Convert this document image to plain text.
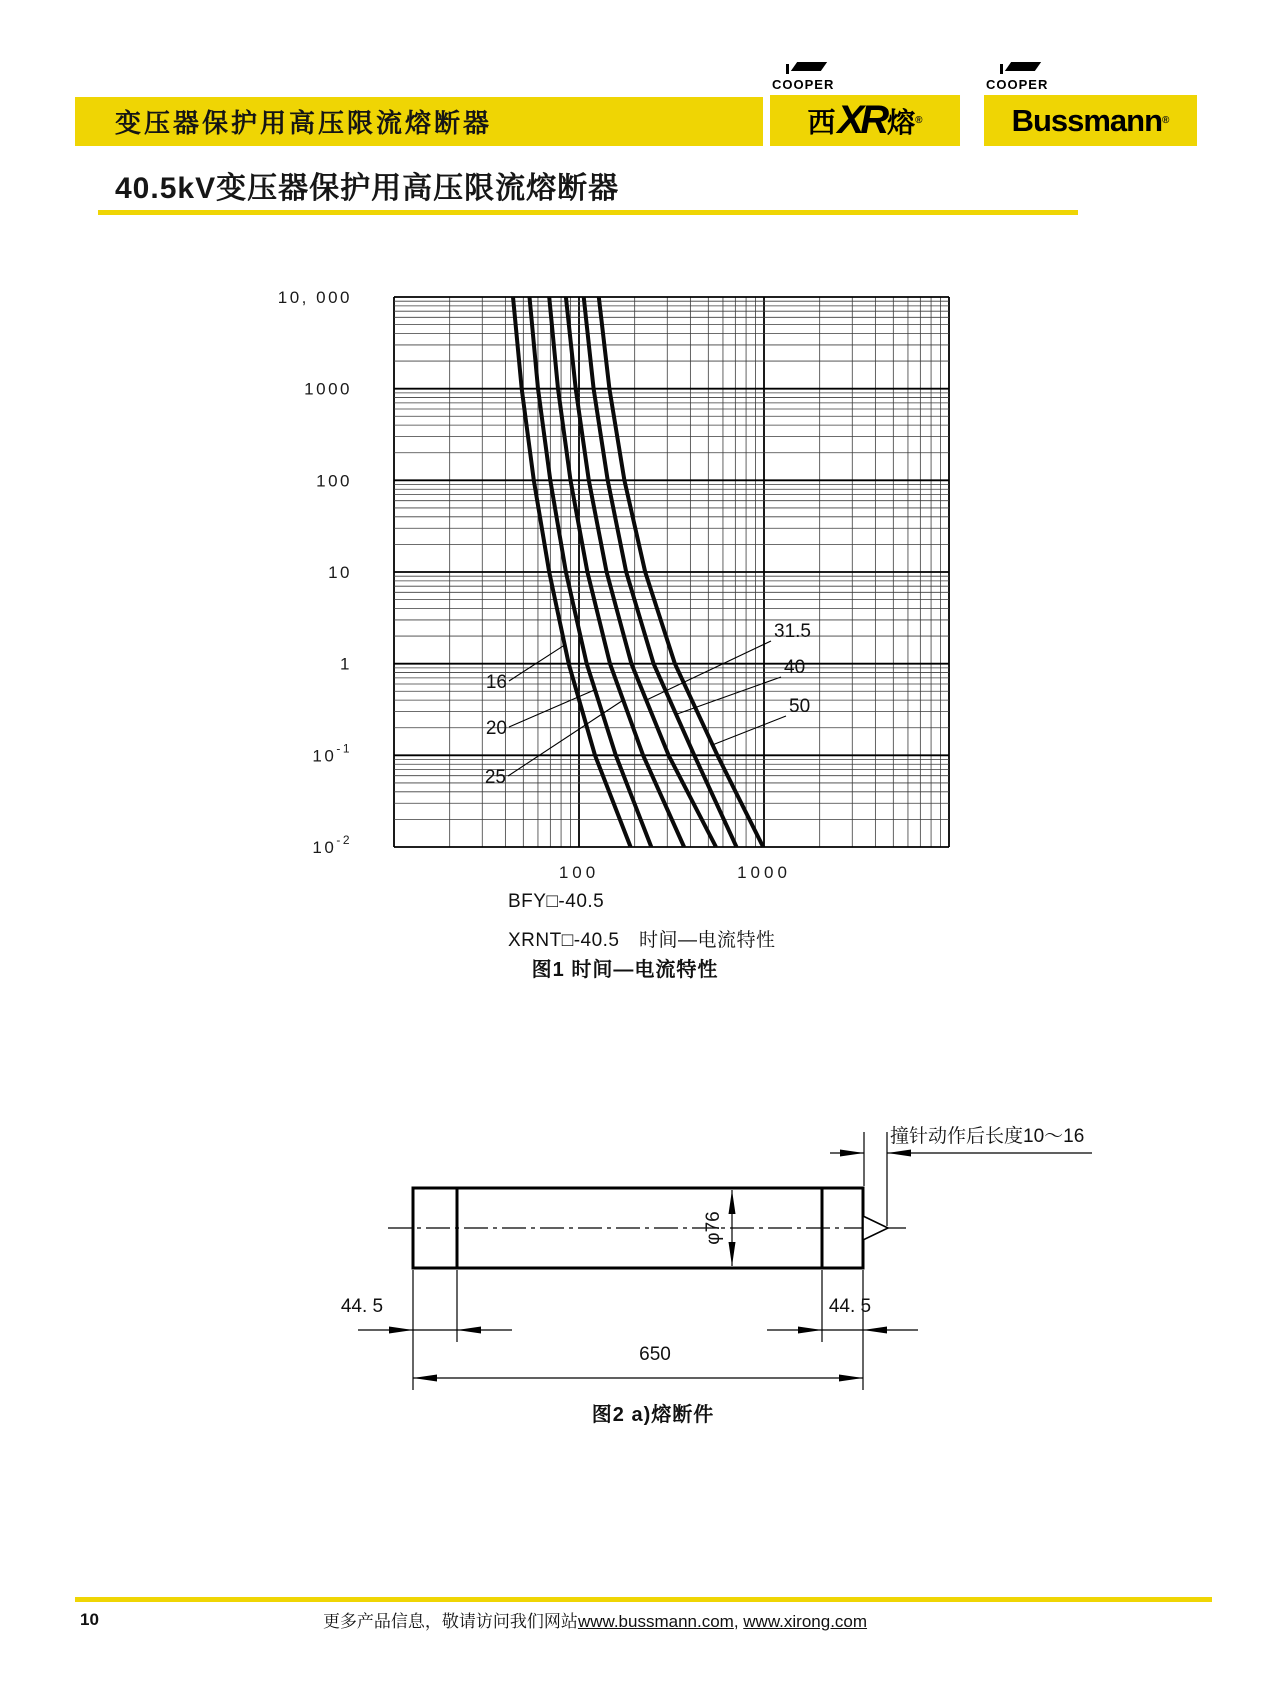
变压器保护用高压限流熔断器
COOPER
西 XR 熔 ®
COOPER
Bussmann ®
40.5kV变压器保护用高压限流熔断器
16
20
25
31.5
40
50
10, 000
1000
100
10
1
$10^{-1}$
$10^{-2}$
100	1000
BFY□-40.5
XRNT□-40.5　时间—电流特性
图1 时间—电流特性
撞针动作后长度10～16
φ76
44. 5	44. 5
650
图2 a)熔断件
10	更多产品信息，敬请访问我们网站www.bussmann.com, www.xirong.com
